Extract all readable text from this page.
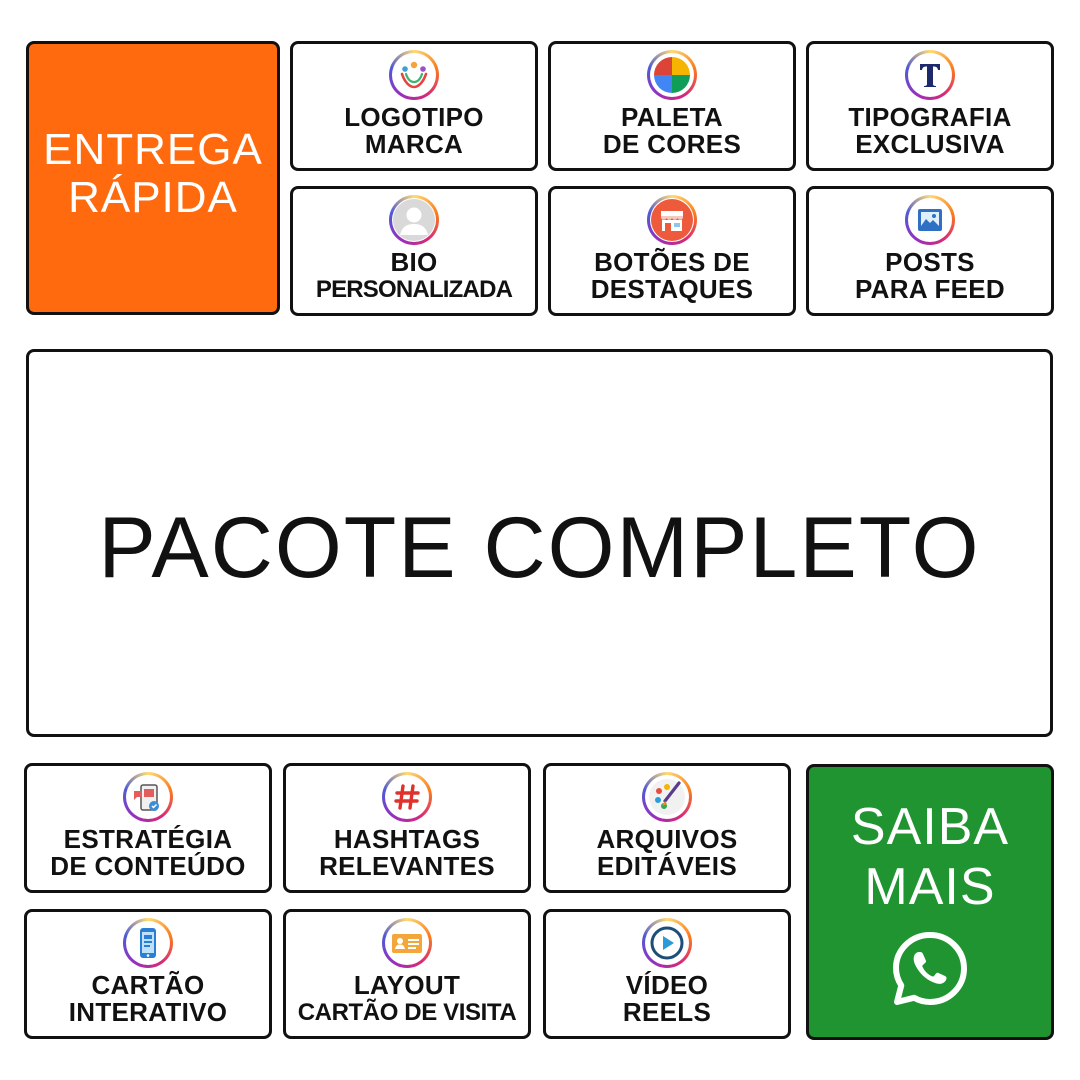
ENTREGA
RÁPIDA
LOGOTIPO
MARCA
PALETA
DE CORES
TIPOGRAFIA
EXCLUSIVA
BIO
PERSONALIZADA
BOTÕES DE
DESTAQUES
POSTS
PARA FEED
PACOTE COMPLETO
ESTRATÉGIA
DE CONTEÚDO
HASHTAGS
RELEVANTES
ARQUIVOS
EDITÁVEIS
CARTÃO
INTERATIVO
LAYOUT
CARTÃO DE VISITA
VÍDEO
REELS
SAIBA
MAIS
